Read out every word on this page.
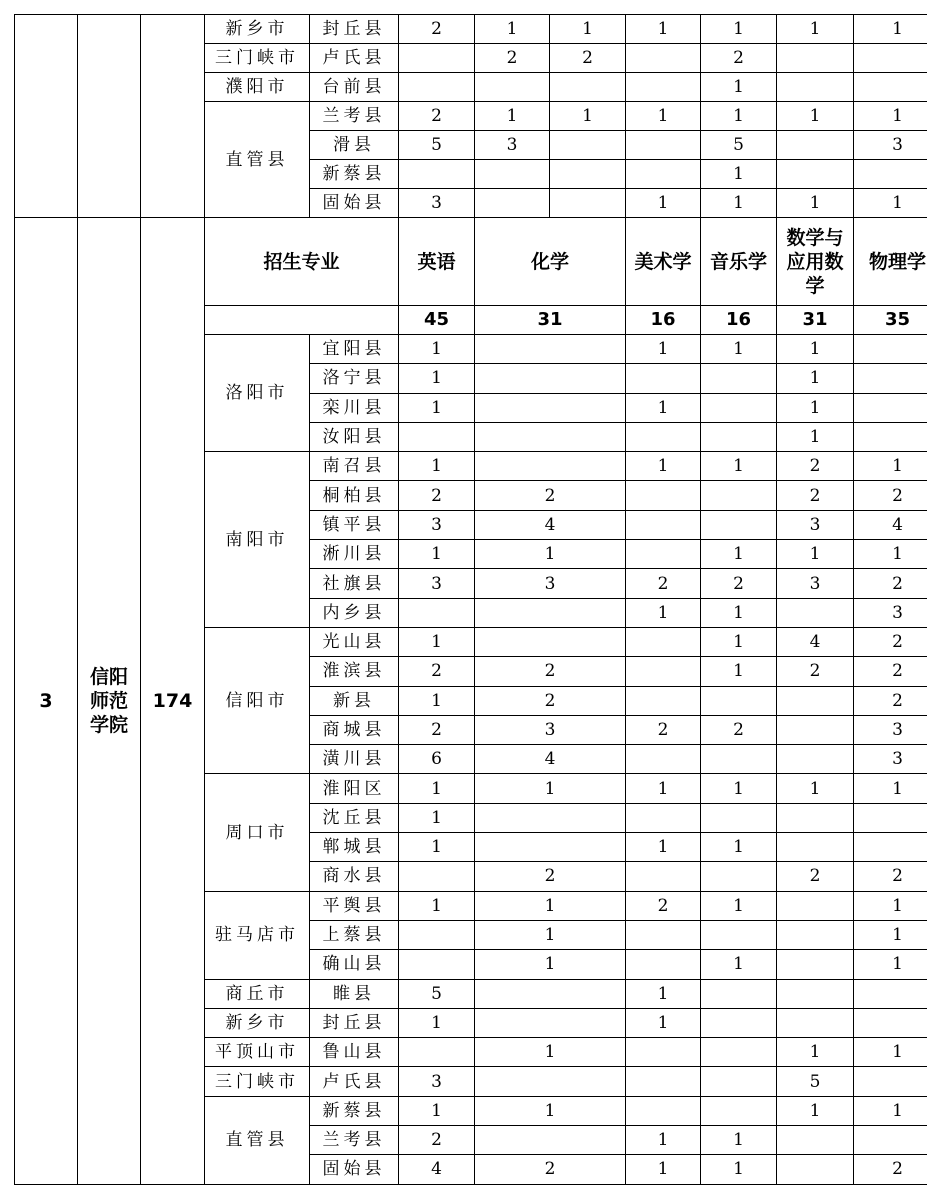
			新乡市	封丘县	2	1	1	1	1	1	1
			三门峡市	卢氏县		2	2		2		
			濮阳市	台前县					1		
			直管县	兰考县	2	1	1	1	1	1	1
				滑县	5	3			5		3
				新蔡县					1		
				固始县	3			1	1	1	1
3	信阳师范学院	174	招生专业		英语	化学		美术学	音乐学	数学与应用数学	物理学
					45	31		16	16	31	35
			洛阳市	宜阳县	1			1	1	1	
				洛宁县	1					1	
				栾川县	1			1		1	
				汝阳县						1	
			南阳市	南召县	1			1	1	2	1
				桐柏县	2	2				2	2
				镇平县	3	4				3	4
				淅川县	1	1			1	1	1
				社旗县	3	3		2	2	3	2
				内乡县				1	1		3
			信阳市	光山县	1				1	4	2
				淮滨县	2	2			1	2	2
				新县	1	2					2
				商城县	2	3		2	2		3
				潢川县	6	4					3
			周口市	淮阳区	1	1		1	1	1	1
				沈丘县	1						
				郸城县	1			1	1		
				商水县		2				2	2
			驻马店市	平舆县	1	1		2	1		1
				上蔡县		1					1
				确山县		1			1		1
			商丘市	睢县	5			1			
			新乡市	封丘县	1			1			
			平顶山市	鲁山县		1				1	1
			三门峡市	卢氏县	3					5	
			直管县	新蔡县	1	1				1	1
				兰考县	2			1	1		
				固始县	4	2		1	1		2
